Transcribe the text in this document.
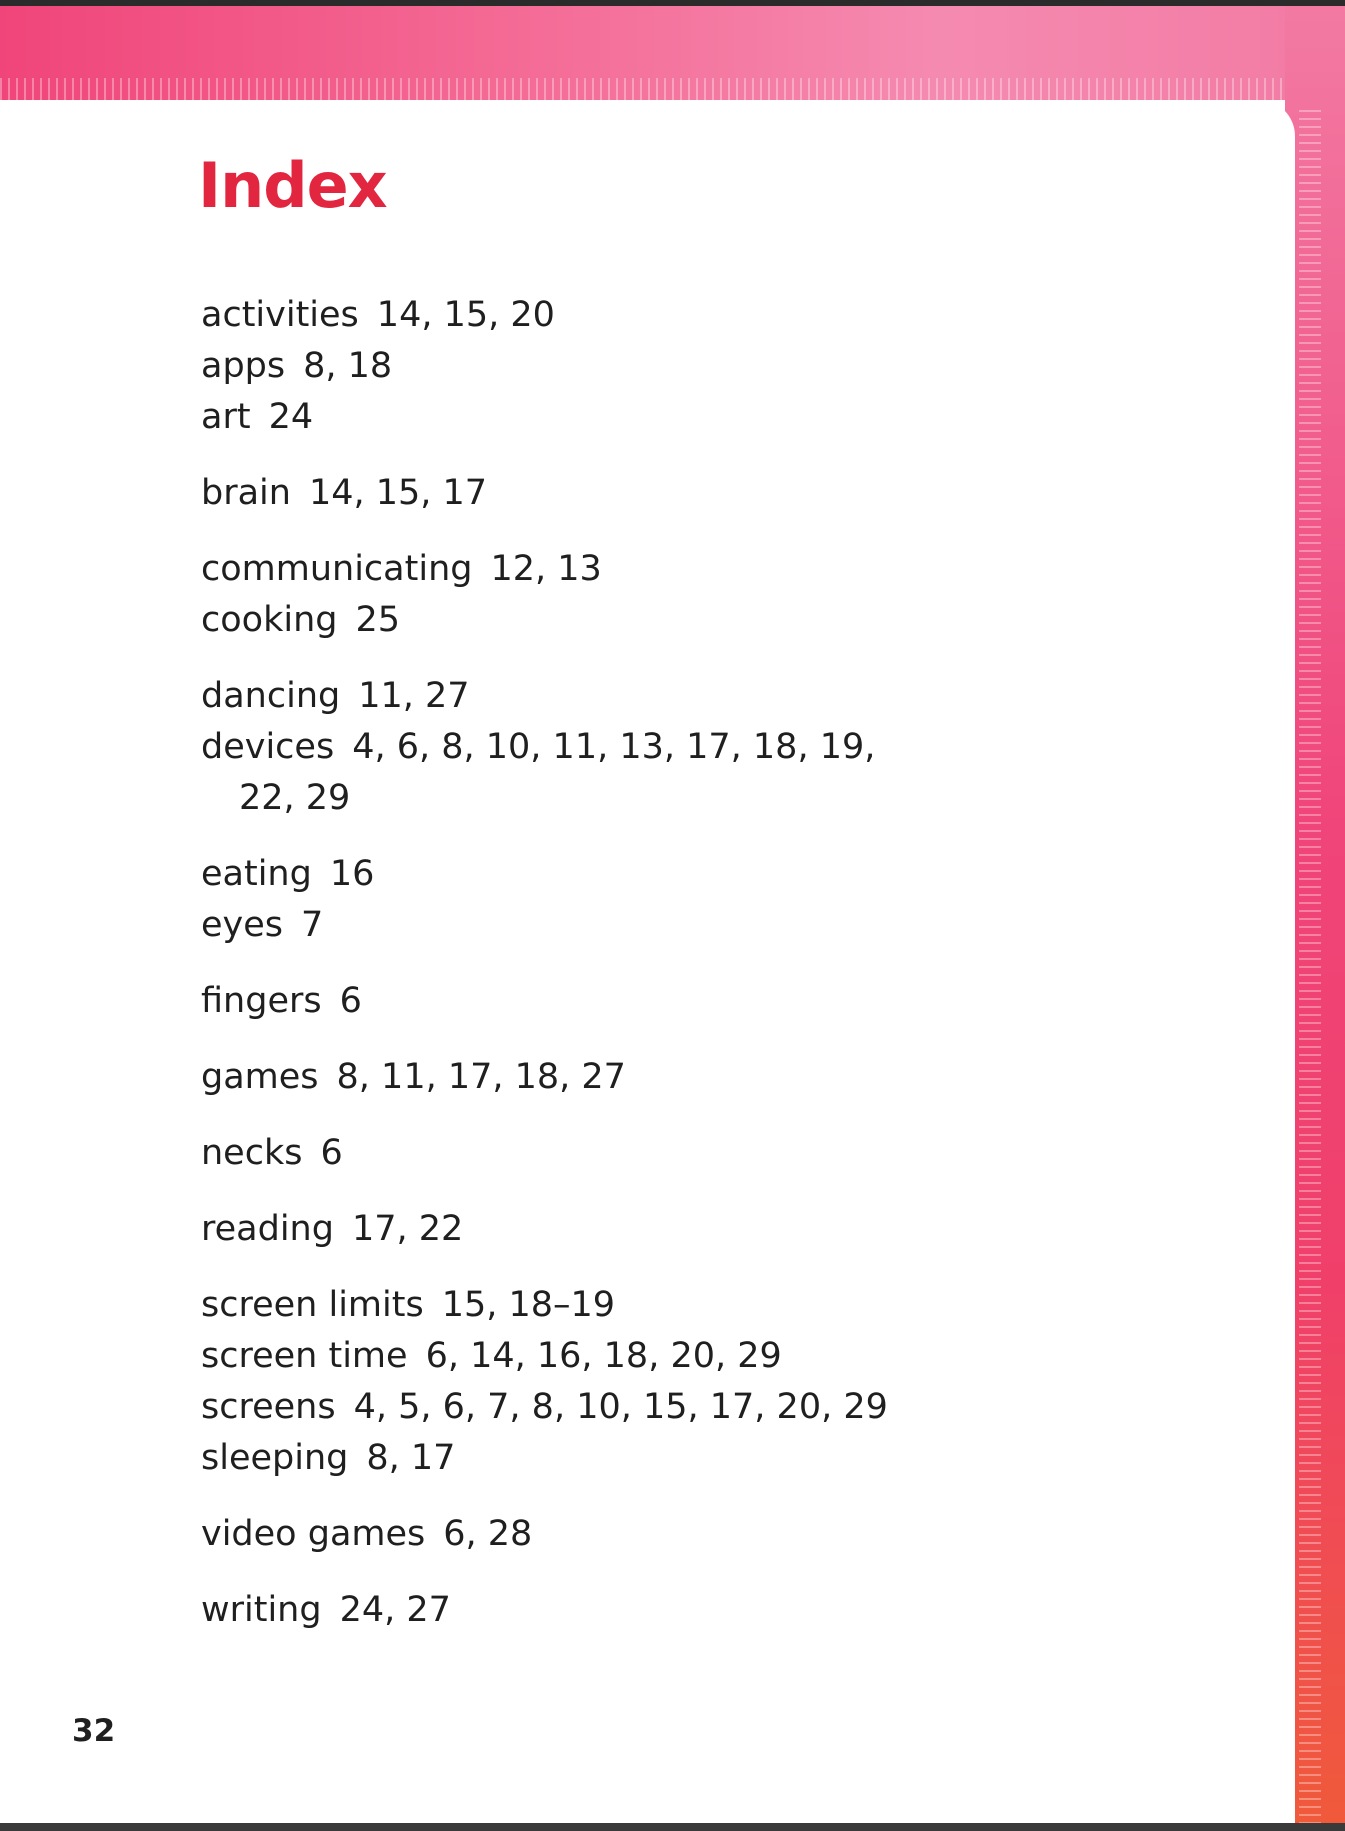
Index
activities 14, 15, 20
apps 8, 18
art 24
brain 14, 15, 17
communicating 12, 13
cooking 25
dancing 11, 27
devices 4, 6, 8, 10, 11, 13, 17, 18, 19,
22, 29
eating 16
eyes 7
fingers 6
games 8, 11, 17, 18, 27
necks 6
reading 17, 22
screen limits 15, 18–19
screen time 6, 14, 16, 18, 20, 29
screens 4, 5, 6, 7, 8, 10, 15, 17, 20, 29
sleeping 8, 17
video games 6, 28
writing 24, 27
32
